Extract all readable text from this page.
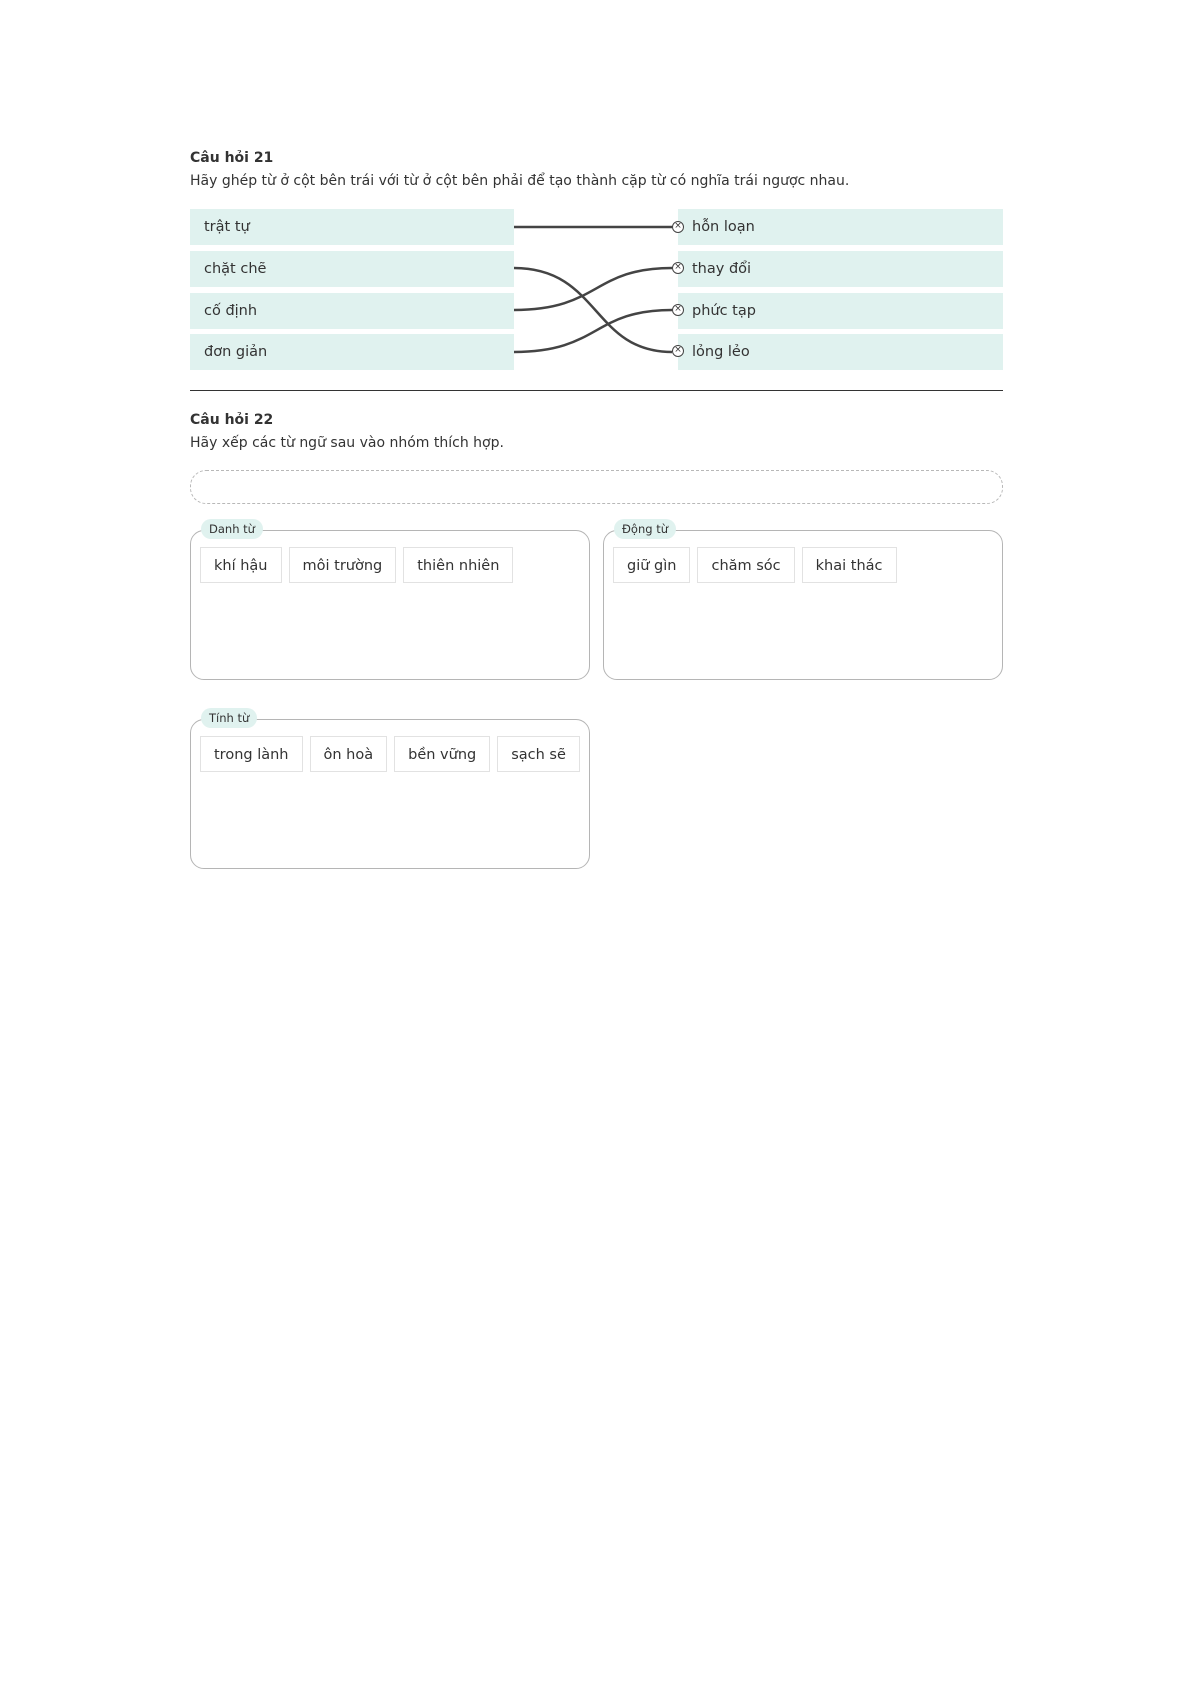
Câu hỏi 21
Hãy ghép từ ở cột bên trái với từ ở cột bên phải để tạo thành cặp từ có nghĩa trái ngược nhau.
trật tự
chặt chẽ
cố định
đơn giản
hỗn loạn
thay đổi
phức tạp
lỏng lẻo
×
×
×
×
Câu hỏi 22
Hãy xếp các từ ngữ sau vào nhóm thích hợp.
Danh từ
khí hậu	môi trường	thiên nhiên
Động từ
giữ gìn	chăm sóc	khai thác
Tính từ
trong lành	ôn hoà	bền vững	sạch sẽ
